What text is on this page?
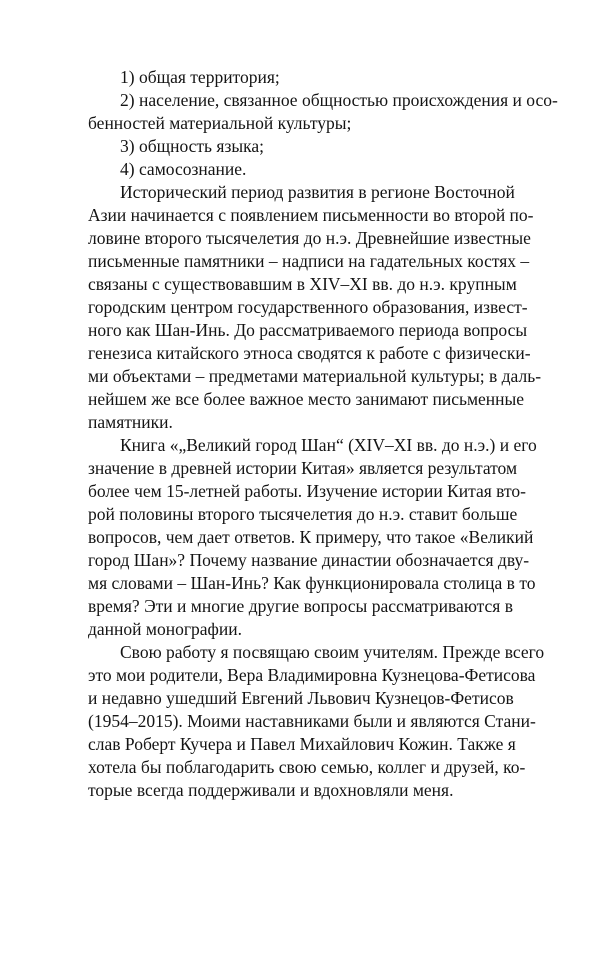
1) общая территория;
2) население, связанное общностью происхождения и осо-
бенностей материальной культуры;
3) общность языка;
4) самосознание.
Исторический период развития в регионе Восточной
Азии начинается с появлением письменности во второй по-
ловине второго тысячелетия до н.э. Древнейшие известные
письменные памятники – надписи на гадательных костях –
связаны с существовавшим в XIV–XI вв. до н.э. крупным
городским центром государственного образования, извест-
ного как Шан-Инь. До рассматриваемого периода вопросы
генезиса китайского этноса сводятся к работе с физически-
ми объектами – предметами материальной культуры; в даль-
нейшем же все более важное место занимают письменные
памятники.
Книга «„Великий город Шан“ (XIV–XI вв. до н.э.) и его
значение в древней истории Китая» является результатом
более чем 15-летней работы. Изучение истории Китая вто-
рой половины второго тысячелетия до н.э. ставит больше
вопросов, чем дает ответов. К примеру, что такое «Великий
город Шан»? Почему название династии обозначается дву-
мя словами – Шан-Инь? Как функционировала столица в то
время? Эти и многие другие вопросы рассматриваются в
данной монографии.
Свою работу я посвящаю своим учителям. Прежде всего
это мои родители, Вера Владимировна Кузнецова-Фетисова
и недавно ушедший Евгений Львович Кузнецов-Фетисов
(1954–2015). Моими наставниками были и являются Стани-
слав Роберт Кучера и Павел Михайлович Кожин. Также я
хотела бы поблагодарить свою семью, коллег и друзей, ко-
торые всегда поддерживали и вдохновляли меня.
